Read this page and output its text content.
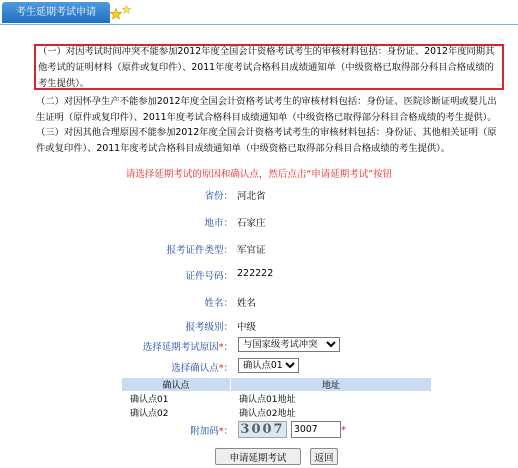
考生延期考试申请

（一）对因考试时间冲突不能参加2012年度全国会计资格考试考生的审核材料包括：身份证、2012年度同期其他考试的证明材料（原件或复印件）、2011年度考试合格科目成绩通知单（中级资格已取得部分科目合格成绩的考生提供）。

（二）对因怀孕生产不能参加2012年度全国会计资格考试考生的审核材料包括：身份证、医院诊断证明或婴儿出生证明（原件或复印件）、2011年度考试合格科目成绩通知单（中级资格已取得部分科目合格成绩的考生提供）。

（三）对因其他合理原因不能参加2012年度全国会计资格考试考生的审核材料包括：身份证、其他相关证明（原件或复印件）、2011年度考试合格科目成绩通知单（中级资格已取得部分科目合格成绩的考生提供）。

请选择延期考试的原因和确认点，然后点击“申请延期考试”按钮
省份： 河北省
地市： 石家庄
报考证件类型： 军官证
证件号码： 222222
姓名： 姓名
报考级别： 中级
选择延期考试原因*：
与国家级考试冲突
选择确认点*：
确认点01
确认点	地址
确认点01	确认点01地址
确认点02	确认点02地址
附加码*： 3007
3007	*
申请延期考试	返回
